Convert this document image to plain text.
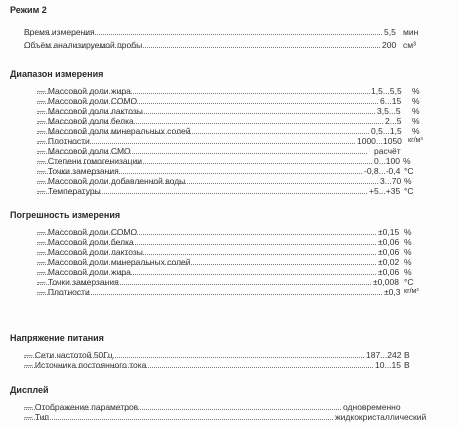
Режим 2
Время измерения	5,5 мин
Объём анализируемой пробы	200 см³
Диапазон измерения
— Массовой доли жира	1,5...5,5 %
— Массовой доли СОМО	6...15 %
— Массовой доли лактозы	3,5...5 %
— Массовой доли белка	2...5 %
— Массовой доли минеральных солей	0,5...1,5 %
— Плотности	1000...1050 кг/м³
— Массовой доли СМО	расчёт
— Степени гомогенизации	0...100 %
— Точки замерзания	-0,8...-0,4 °C
— Массовой доли добавленной воды	3...70 %
— Температуры	+5...+35 °C
Погрешность измерения
— Массовой доли СОМО	±0,15 %
— Массовой доли белка	±0,06 %
— Массовой доли лактозы	±0,06 %
— Массовой доли минеральных солей	±0,02 %
— Массовой доли жира	±0,06 %
— Точки замерзания	±0,008 °C
— Плотности	±0,3 кг/м³
Напряжение питания
— Сети частотой 50Гц	187...242 В
— Источника постоянного тока	10...15 В
Дисплей
— Отображение параметров	одновременно
— Тип	жидкокристаллический
